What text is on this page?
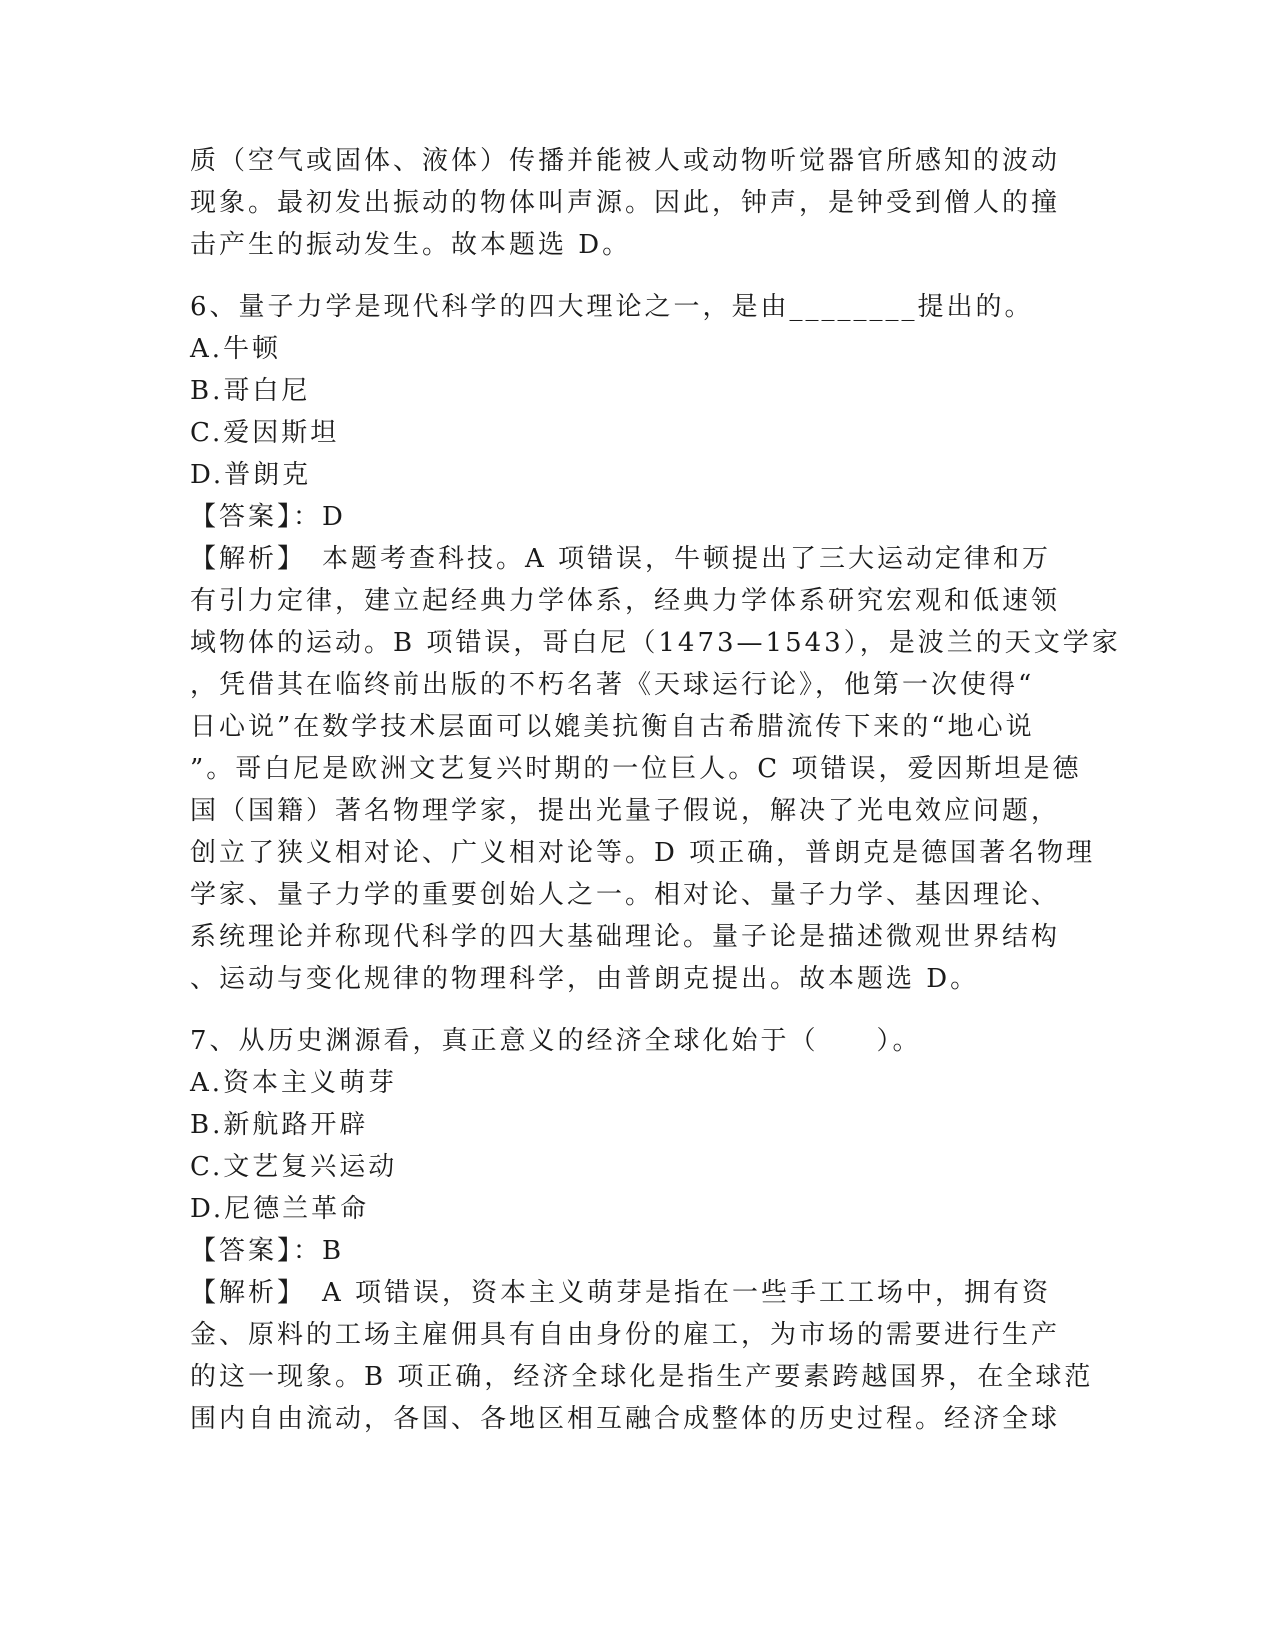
质（空气或固体、液体）传播并能被人或动物听觉器官所感知的波动
现象。最初发出振动的物体叫声源。因此，钟声，是钟受到僧人的撞
击产生的振动发生。故本题选 D。
6、量子力学是现代科学的四大理论之一，是由________提出的。
A.牛顿
B.哥白尼
C.爱因斯坦
D.普朗克
【答案】：D
【解析】　本题考查科技。A 项错误，牛顿提出了三大运动定律和万
有引力定律，建立起经典力学体系，经典力学体系研究宏观和低速领
域物体的运动。B 项错误，哥白尼（1473—1543），是波兰的天文学家
，凭借其在临终前出版的不朽名著《天球运行论》，他第一次使得“
日心说”在数学技术层面可以媲美抗衡自古希腊流传下来的“地心说
”。哥白尼是欧洲文艺复兴时期的一位巨人。C 项错误，爱因斯坦是德
国（国籍）著名物理学家，提出光量子假说，解决了光电效应问题，
创立了狭义相对论、广义相对论等。D 项正确，普朗克是德国著名物理
学家、量子力学的重要创始人之一。相对论、量子力学、基因理论、
系统理论并称现代科学的四大基础理论。量子论是描述微观世界结构
、运动与变化规律的物理科学，由普朗克提出。故本题选 D。
7、从历史渊源看，真正意义的经济全球化始于（　　）。
A.资本主义萌芽
B.新航路开辟
C.文艺复兴运动
D.尼德兰革命
【答案】：B
【解析】　A 项错误，资本主义萌芽是指在一些手工工场中，拥有资
金、原料的工场主雇佣具有自由身份的雇工，为市场的需要进行生产
的这一现象。B 项正确，经济全球化是指生产要素跨越国界，在全球范
围内自由流动，各国、各地区相互融合成整体的历史过程。经济全球
